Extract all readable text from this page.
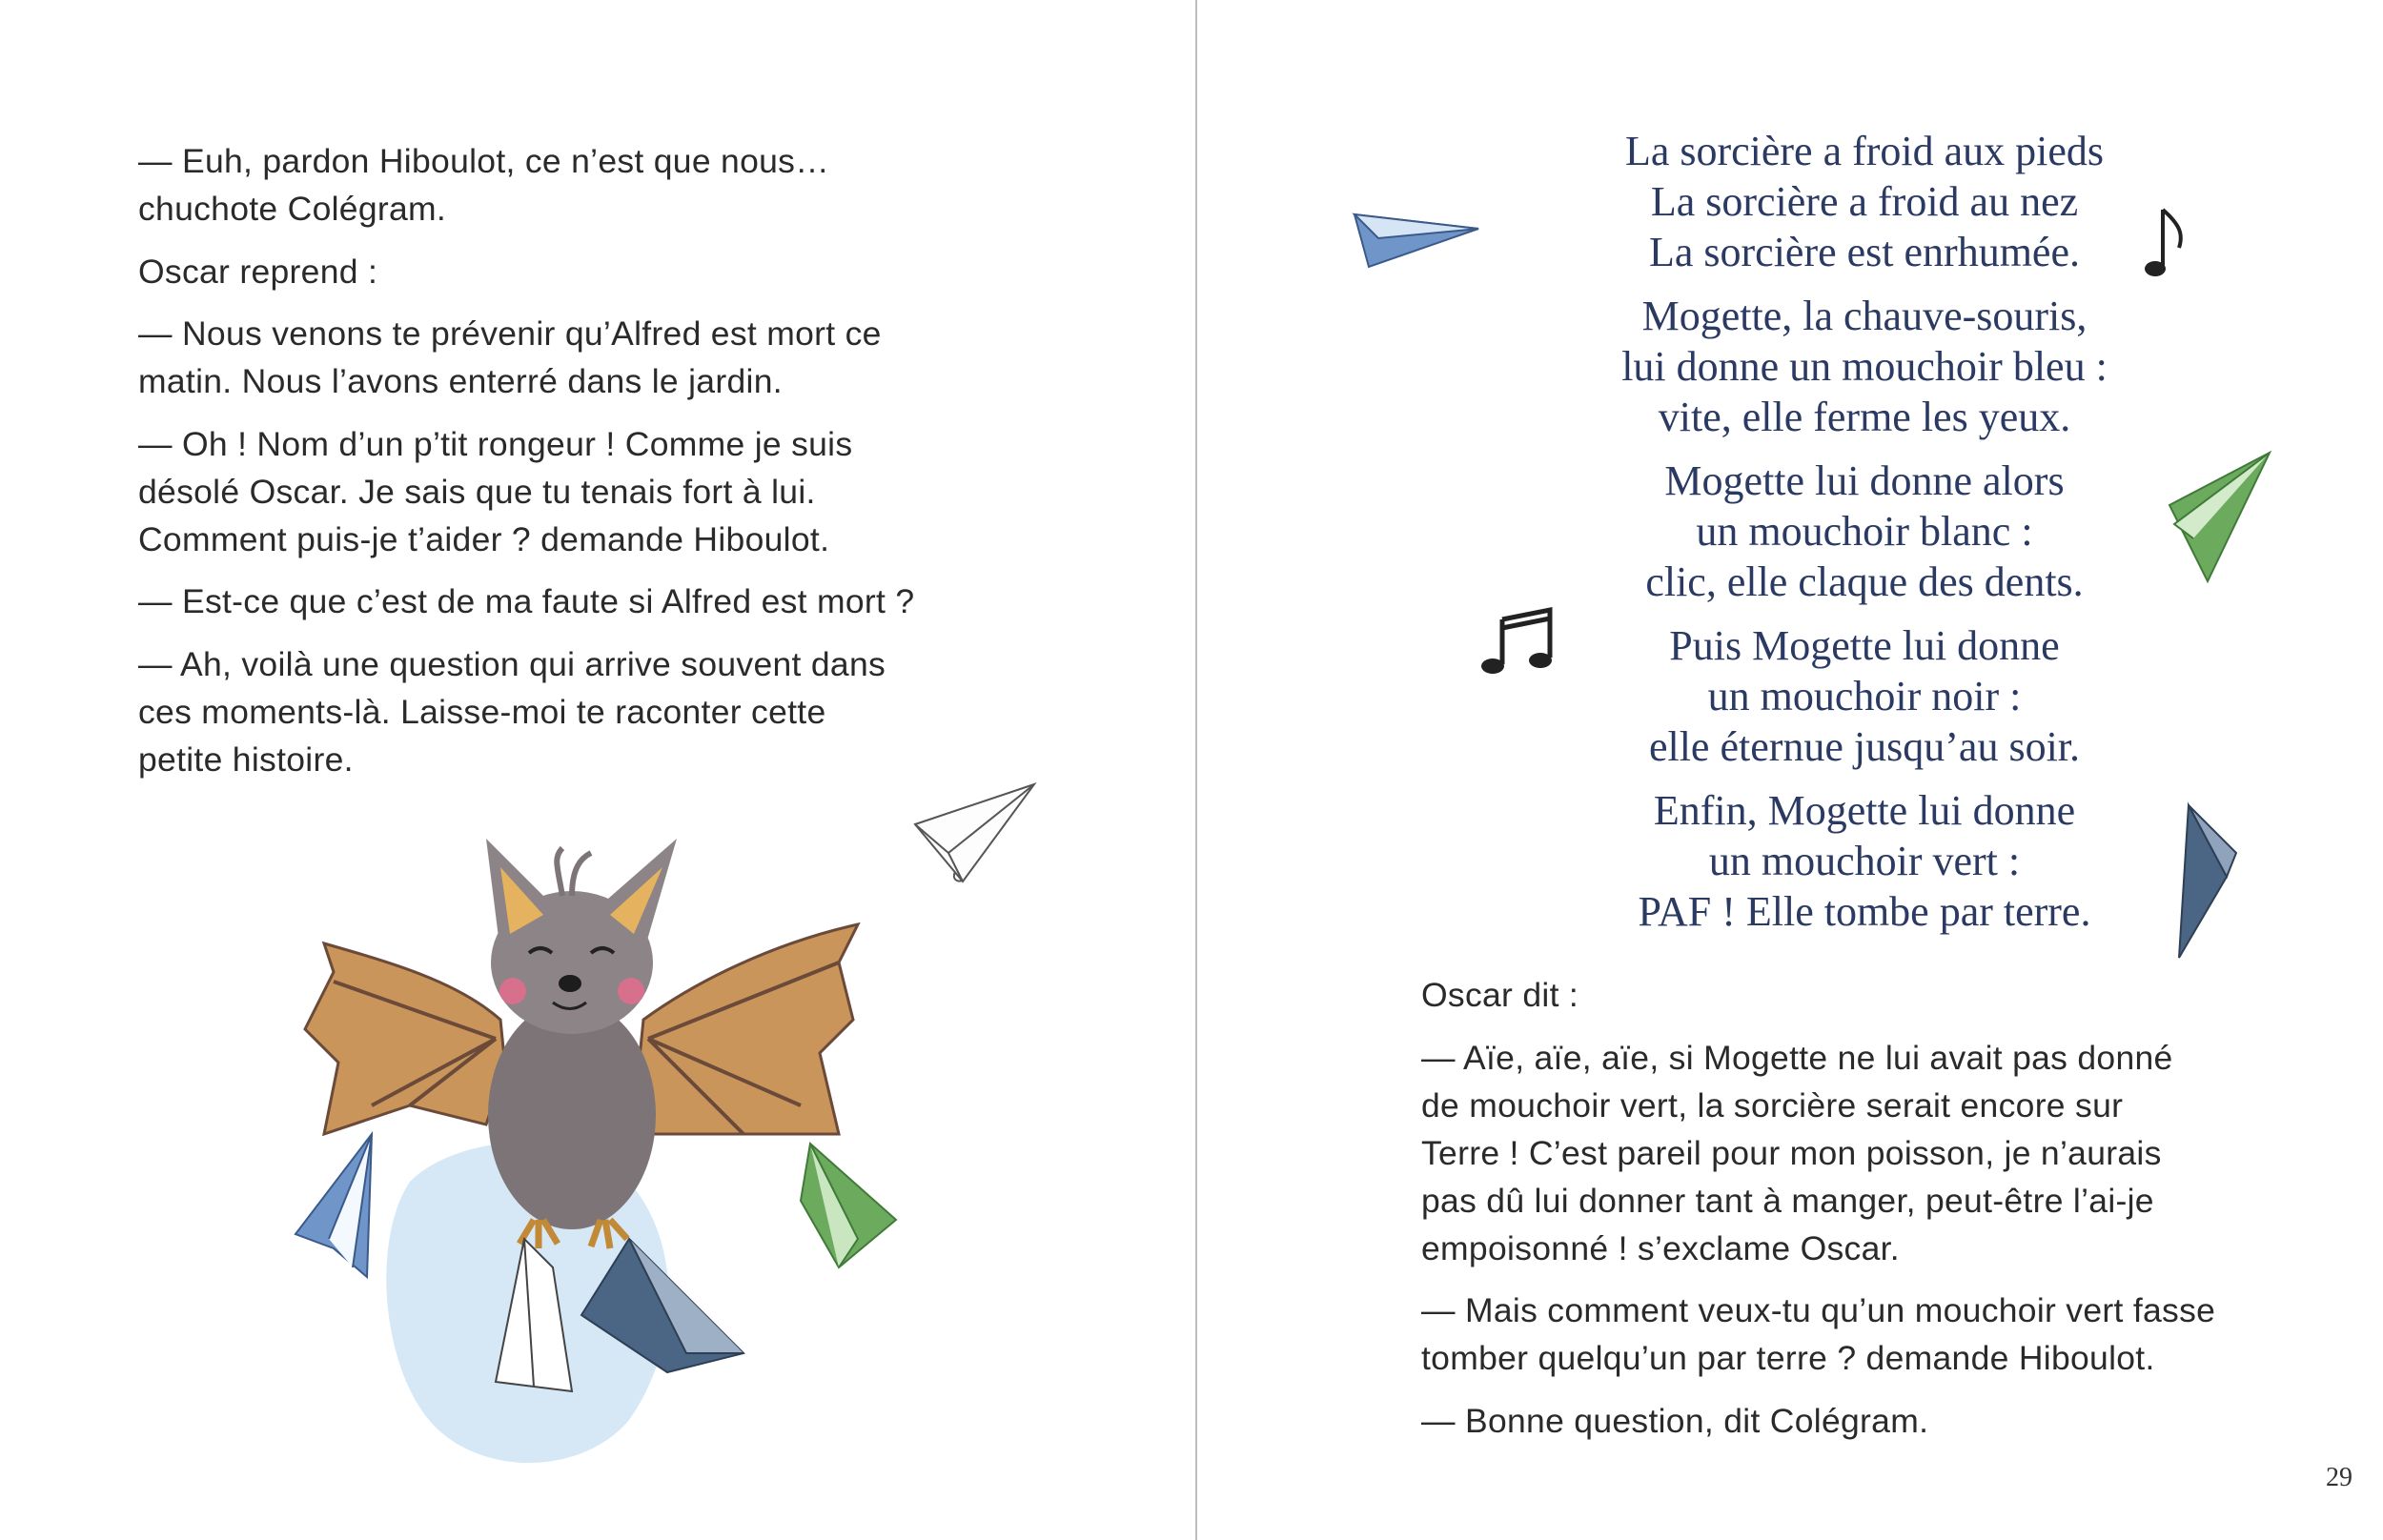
— Euh, pardon Hiboulot, ce n’est que nous…
chuchote Colégram.

Oscar reprend :

— Nous venons te prévenir qu’Alfred est mort ce
matin. Nous l’avons enterré dans le jardin.

— Oh ! Nom d’un p’tit rongeur ! Comme je suis
désolé Oscar. Je sais que tu tenais fort à lui.
Comment puis-je t’aider ? demande Hiboulot.

— Est-ce que c’est de ma faute si Alfred est mort ?

— Ah, voilà une question qui arrive souvent dans
ces moments-là. Laisse-moi te raconter cette
petite histoire.

La sorcière a froid aux pieds
La sorcière a froid au nez
La sorcière est enrhumée.
Mogette, la chauve-souris,
lui donne un mouchoir bleu :
vite, elle ferme les yeux.
Mogette lui donne alors
un mouchoir blanc :
clic, elle claque des dents.
Puis Mogette lui donne
un mouchoir noir :
elle éternue jusqu’au soir.
Enfin, Mogette lui donne
un mouchoir vert :
PAF ! Elle tombe par terre.

Oscar dit :

— Aïe, aïe, aïe, si Mogette ne lui avait pas donné
de mouchoir vert, la sorcière serait encore sur
Terre ! C’est pareil pour mon poisson, je n’aurais
pas dû lui donner tant à manger, peut-être l’ai-je
empoisonné ! s’exclame Oscar.

— Mais comment veux-tu qu’un mouchoir vert fasse
tomber quelqu’un par terre ? demande Hiboulot.

— Bonne question, dit Colégram.

29
